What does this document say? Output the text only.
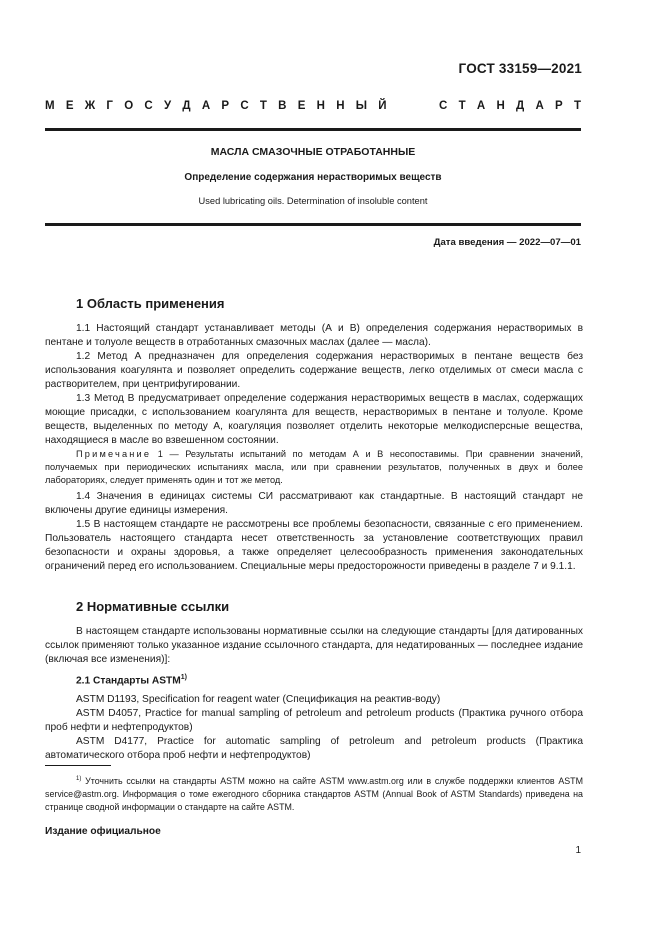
ГОСТ 33159—2021
М Е Ж Г О С У Д А Р С Т В Е Н Н Ы Й	С Т А Н Д А Р Т
МАСЛА СМАЗОЧНЫЕ ОТРАБОТАННЫЕ
Определение содержания нерастворимых веществ
Used lubricating oils. Determination of insoluble content
Дата введения — 2022—07—01
1 Область применения
1.1 Настоящий стандарт устанавливает методы (А и В) определения содержания нерастворимых в пентане и толуоле веществ в отработанных смазочных маслах (далее — масла).
1.2 Метод А предназначен для определения содержания нерастворимых в пентане веществ без использования коагулянта и позволяет определить содержание веществ, легко отделимых от смеси масла с растворителем, при центрифугировании.
1.3 Метод В предусматривает определение содержания нерастворимых веществ в маслах, содержащих моющие присадки, с использованием коагулянта для веществ, нерастворимых в пентане и толуоле. Кроме веществ, выделенных по методу А, коагуляция позволяет отделить некоторые мелкодисперсные вещества, находящиеся в масле во взвешенном состоянии.
Примечание 1 — Результаты испытаний по методам А и В несопоставимы. При сравнении значений, получаемых при периодических испытаниях масла, или при сравнении результатов, полученных в двух и более лабораториях, следует применять один и тот же метод.
1.4 Значения в единицах системы СИ рассматривают как стандартные. В настоящий стандарт не включены другие единицы измерения.
1.5 В настоящем стандарте не рассмотрены все проблемы безопасности, связанные с его применением. Пользователь настоящего стандарта несет ответственность за установление соответствующих правил безопасности и охраны здоровья, а также определяет целесообразность применения законодательных ограничений перед его использованием. Специальные меры предосторожности приведены в разделе 7 и 9.1.1.
2 Нормативные ссылки
В настоящем стандарте использованы нормативные ссылки на следующие стандарты [для датированных ссылок применяют только указанное издание ссылочного стандарта, для недатированных — последнее издание (включая все изменения)]:
2.1 Стандарты ASTM$^{1)}$
ASTM D1193, Specification for reagent water (Спецификация на реактив-воду)
ASTM D4057, Practice for manual sampling of petroleum and petroleum products (Практика ручного отбора проб нефти и нефтепродуктов)
ASTM D4177, Practice for automatic sampling of petroleum and petroleum products (Практика автоматического отбора проб нефти и нефтепродуктов)
$^{1)}$ Уточнить ссылки на стандарты ASTM можно на сайте ASTM www.astm.org или в службе поддержки клиентов ASTM service@astm.org. Информация о томе ежегодного сборника стандартов ASTM (Annual Book of ASTM Standards) приведена на странице сводной информации о стандарте на сайте ASTM.
Издание официальное
1
